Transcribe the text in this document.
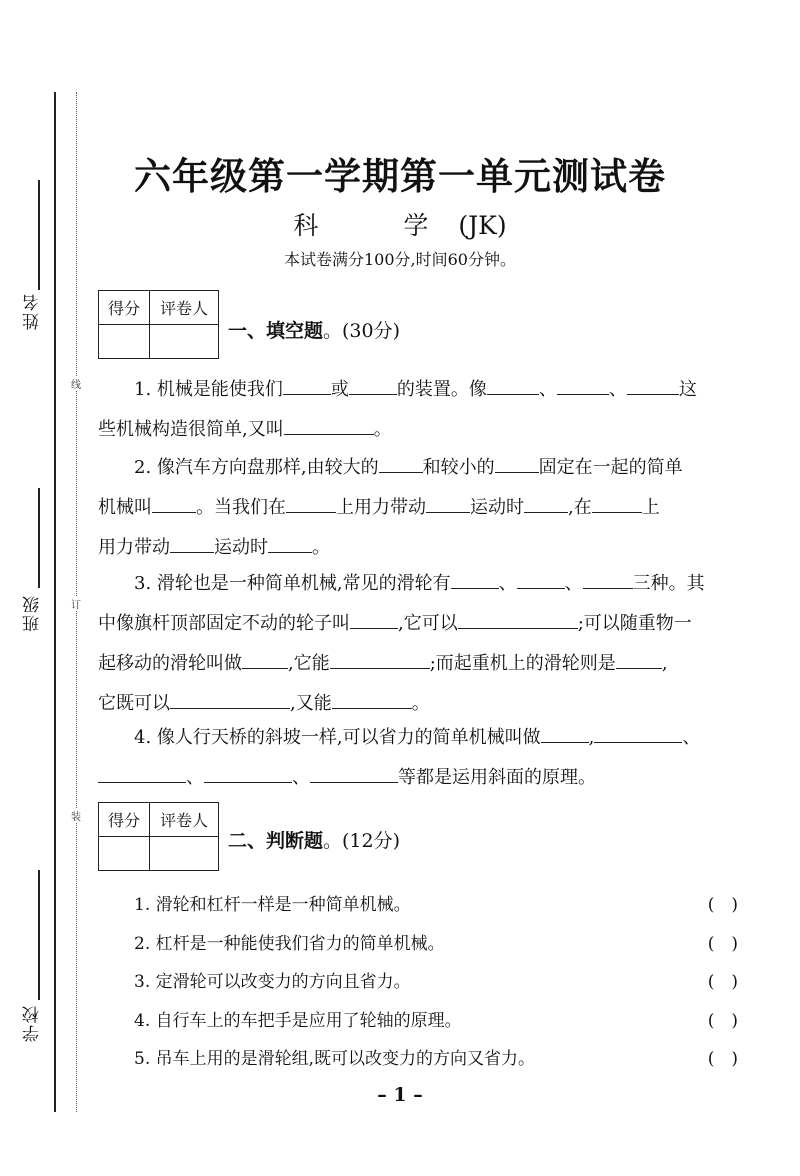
姓名
班级
学校
线
订
装
六年级第一学期第一单元测试卷
科　学(JK)
本试卷满分100分,时间60分钟。
得分	评卷人

一、填空题。(30分)
1. 机械是能使我们	或	的装置。像	、	、	这
些机械构造很简单,又叫	。
2. 像汽车方向盘那样,由较大的 和较小的 固定在一起的简单
机械叫 。当我们在	上用力带动 运动时 ,在	上
用力带动 运动时 。
3. 滑轮也是一种简单机械,常见的滑轮有	、	、	三种。其
中像旗杆顶部固定不动的轮子叫	,它可以	;可以随重物一
起移动的滑轮叫做	,它能	;而起重机上的滑轮则是	,
它既可以	,又能	。
4. 像人行天桥的斜坡一样,可以省力的简单机械叫做	,	、
、	、	等都是运用斜面的原理。
得分	评卷人

二、判断题。(12分)
1. 滑轮和杠杆一样是一种简单机械。	(　)
2. 杠杆是一种能使我们省力的简单机械。	(　)
3. 定滑轮可以改变力的方向且省力。	(　)
4. 自行车上的车把手是应用了轮轴的原理。	(　)
5. 吊车上用的是滑轮组,既可以改变力的方向又省力。	(　)
– 1 –
